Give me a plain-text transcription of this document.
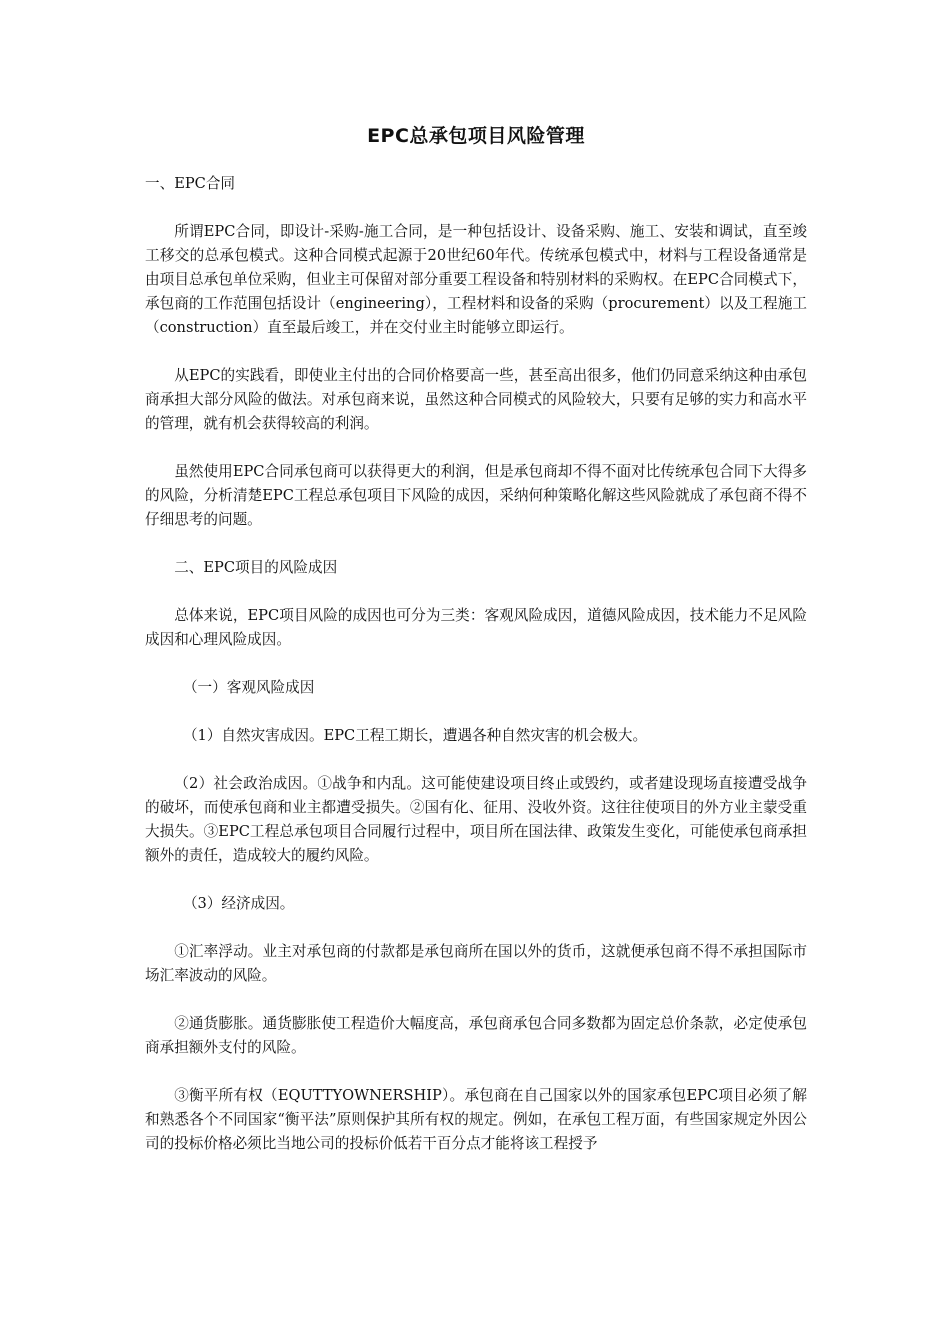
EPC总承包项目风险管理
一、EPC合同
所谓EPC合同，即设计-采购-施工合同，是一种包括设计、设备采购、施工、安装和调试，直至竣工移交的总承包模式。这种合同模式起源于20世纪60年代。传统承包模式中，材料与工程设备通常是由项目总承包单位采购，但业主可保留对部分重要工程设备和特别材料的采购权。在EPC合同模式下，承包商的工作范围包括设计（engineering），工程材料和设备的采购（procurement）以及工程施工（construction）直至最后竣工，并在交付业主时能够立即运行。
从EPC的实践看，即使业主付出的合同价格要高一些，甚至高出很多，他们仍同意采纳这种由承包商承担大部分风险的做法。对承包商来说，虽然这种合同模式的风险较大，只要有足够的实力和高水平的管理，就有机会获得较高的利润。
虽然使用EPC合同承包商可以获得更大的利润，但是承包商却不得不面对比传统承包合同下大得多的风险，分析清楚EPC工程总承包项目下风险的成因，采纳何种策略化解这些风险就成了承包商不得不仔细思考的问题。
二、EPC项目的风险成因
总体来说，EPC项目风险的成因也可分为三类：客观风险成因，道德风险成因，技术能力不足风险成因和心理风险成因。
（一）客观风险成因
（1）自然灾害成因。EPC工程工期长，遭遇各种自然灾害的机会极大。
（2）社会政治成因。①战争和内乱。这可能使建设项目终止或毁约，或者建设现场直接遭受战争的破坏，而使承包商和业主都遭受损失。②国有化、征用、没收外资。这往往使项目的外方业主蒙受重大损失。③EPC工程总承包项目合同履行过程中，项目所在国法律、政策发生变化，可能使承包商承担额外的责任，造成较大的履约风险。
（3）经济成因。
①汇率浮动。业主对承包商的付款都是承包商所在国以外的货币，这就便承包商不得不承担国际市场汇率波动的风险。
②通货膨胀。通货膨胀使工程造价大幅度高，承包商承包合同多数都为固定总价条款，必定使承包商承担额外支付的风险。
③衡平所有权（EQUTTYOWNERSHIP）。承包商在自己国家以外的国家承包EPC项目必须了解和熟悉各个不同国家“衡平法”原则保护其所有权的规定。例如，在承包工程万面，有些国家规定外因公司的投标价格必须比当地公司的投标价低若干百分点才能将该工程授予
